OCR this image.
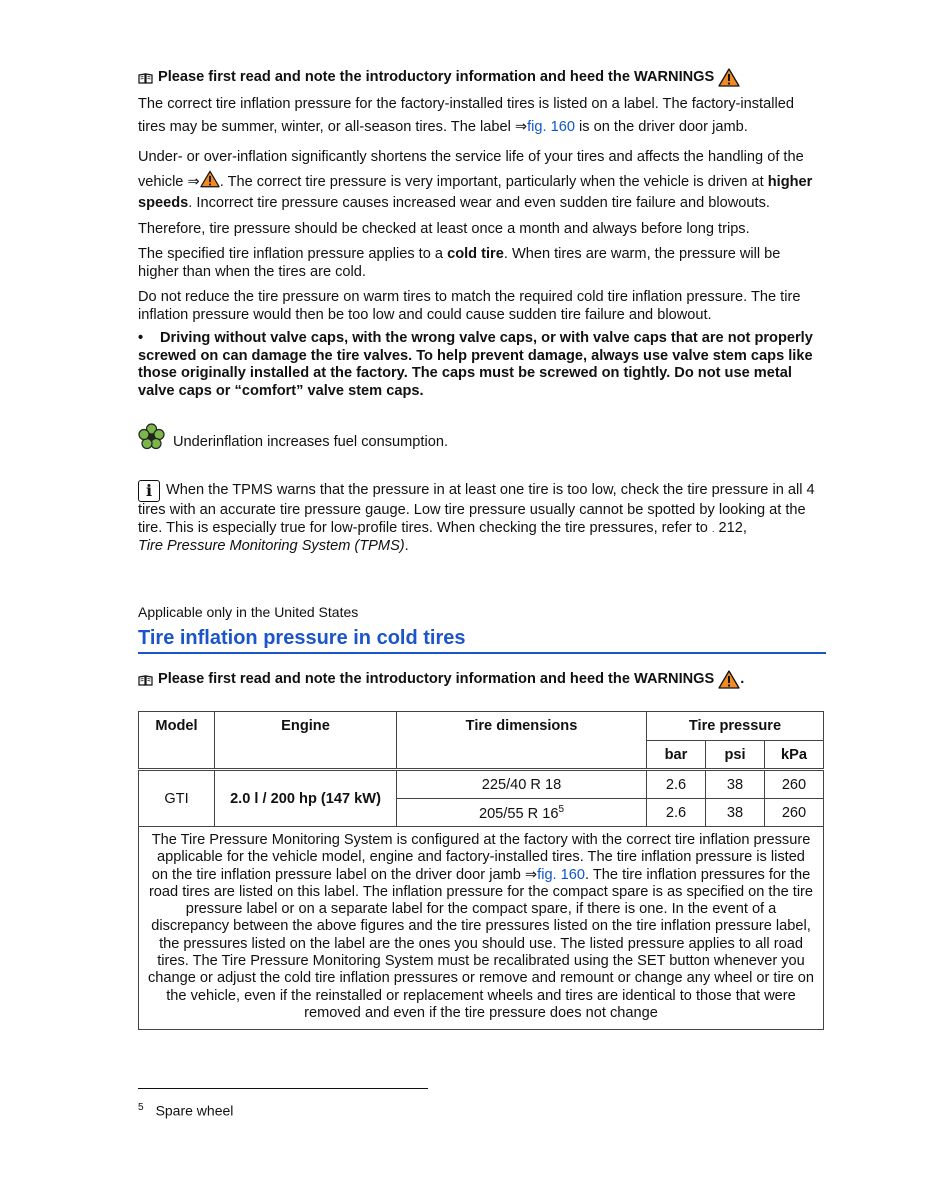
Please first read and note the introductory information and heed the WARNINGS

The correct tire inflation pressure for the factory-installed tires is listed on a label. The factory-installed tires may be summer, winter, or all-season tires. The label ⇒fig. 160 is on the driver door jamb.

Under- or over-inflation significantly shortens the service life of your tires and affects the handling of the vehicle ⇒ . The correct tire pressure is very important, particularly when the vehicle is driven at higher speeds. Incorrect tire pressure causes increased wear and even sudden tire failure and blowouts.

Therefore, tire pressure should be checked at least once a month and always before long trips.

The specified tire inflation pressure applies to a cold tire. When tires are warm, the pressure will be higher than when the tires are cold.

Do not reduce the tire pressure on warm tires to match the required cold tire inflation pressure. The tire inflation pressure would then be too low and could cause sudden tire failure and blowout.

• Driving without valve caps, with the wrong valve caps, or with valve caps that are not properly screwed on can damage the tire valves. To help prevent damage, always use valve stem caps like those originally installed at the factory. The caps must be screwed on tightly. Do not use metal valve caps or “comfort” valve stem caps.

Underinflation increases fuel consumption.

i When the TPMS warns that the pressure in at least one tire is too low, check the tire pressure in all 4 tires with an accurate tire pressure gauge. Low tire pressure usually cannot be spotted by looking at the tire. This is especially true for low-profile tires. When checking the tire pressures, refer to . 212,
Tire Pressure Monitoring System (TPMS).

Applicable only in the United States

Tire inflation pressure in cold tires

Please first read and note the introductory information and heed the WARNINGS .

Model	Engine	Tire dimensions	Tire pressure		
			bar	psi	kPa
GTI	2.0 l / 200 hp (147 kW)	225/40 R 18	2.6	38	260
		205/55 R $16^5$	2.6	38	260
The Tire Pressure Monitoring System is configured at the factory with the correct tire inflation pressure applicable for the vehicle model, engine and factory-installed tires. The tire inflation pressure is listed on the tire inflation pressure label on the driver door jamb ⇒fig. 160. The tire inflation pressures for the road tires are listed on this label. The inflation pressure for the compact spare is as specified on the tire pressure label or on a separate label for the compact spare, if there is one. In the event of a discrepancy between the above figures and the tire pressures listed on the tire inflation pressure label, the pressures listed on the label are the ones you should use. The listed pressure applies to all road tires. The Tire Pressure Monitoring System must be recalibrated using the SET button whenever you change or adjust the cold tire inflation pressures or remove and remount or change any wheel or tire on the vehicle, even if the reinstalled or replacement wheels and tires are identical to those that were removed and even if the tire pressure does not change					
$^5$ Spare wheel
